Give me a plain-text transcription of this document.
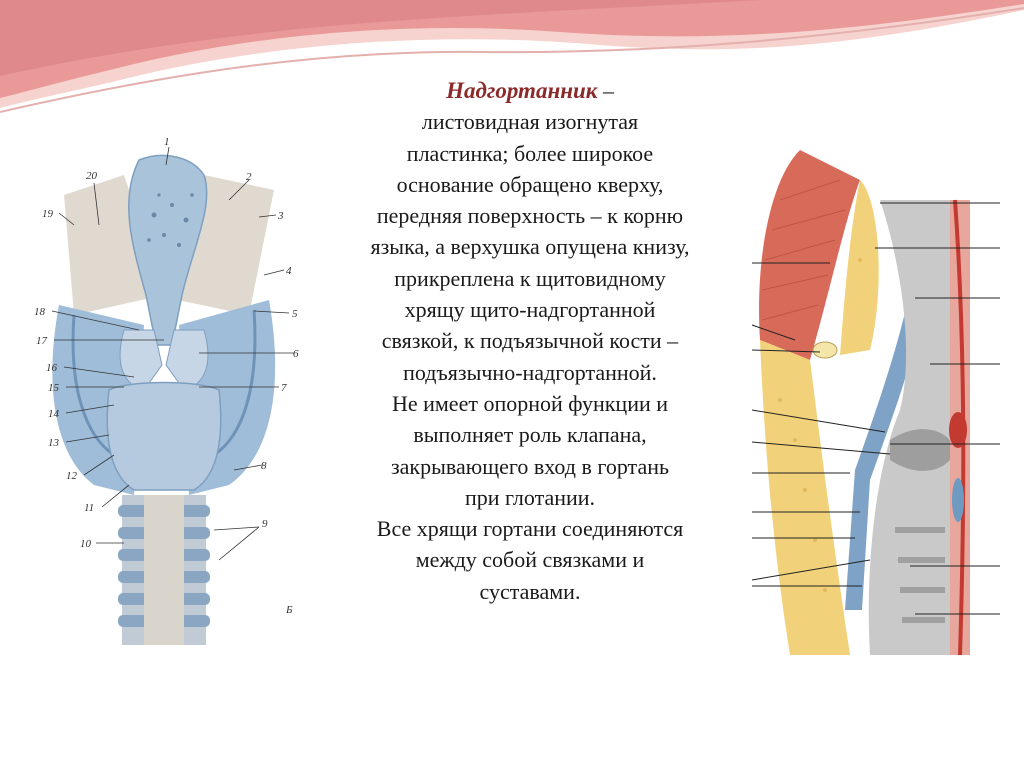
Надгортанник –
листовидная изогнутая
пластинка; более широкое
основание обращено кверху,
передняя поверхность – к корню
языка, а верхушка опущена книзу,
прикреплена к щитовидному
хрящу щито-надгортанной
связкой, к подъязычной кости –
подъязычно-надгортанной.
Не имеет опорной функции и
выполняет роль клапана,
закрывающего вход в гортань
при глотании.
Все хрящи гортани соединяются
между собой связками и
суставами.
1
2
3
4
5
6
7
8
9
10
11
12
13
14
15
16
17
18
19
20
Б
